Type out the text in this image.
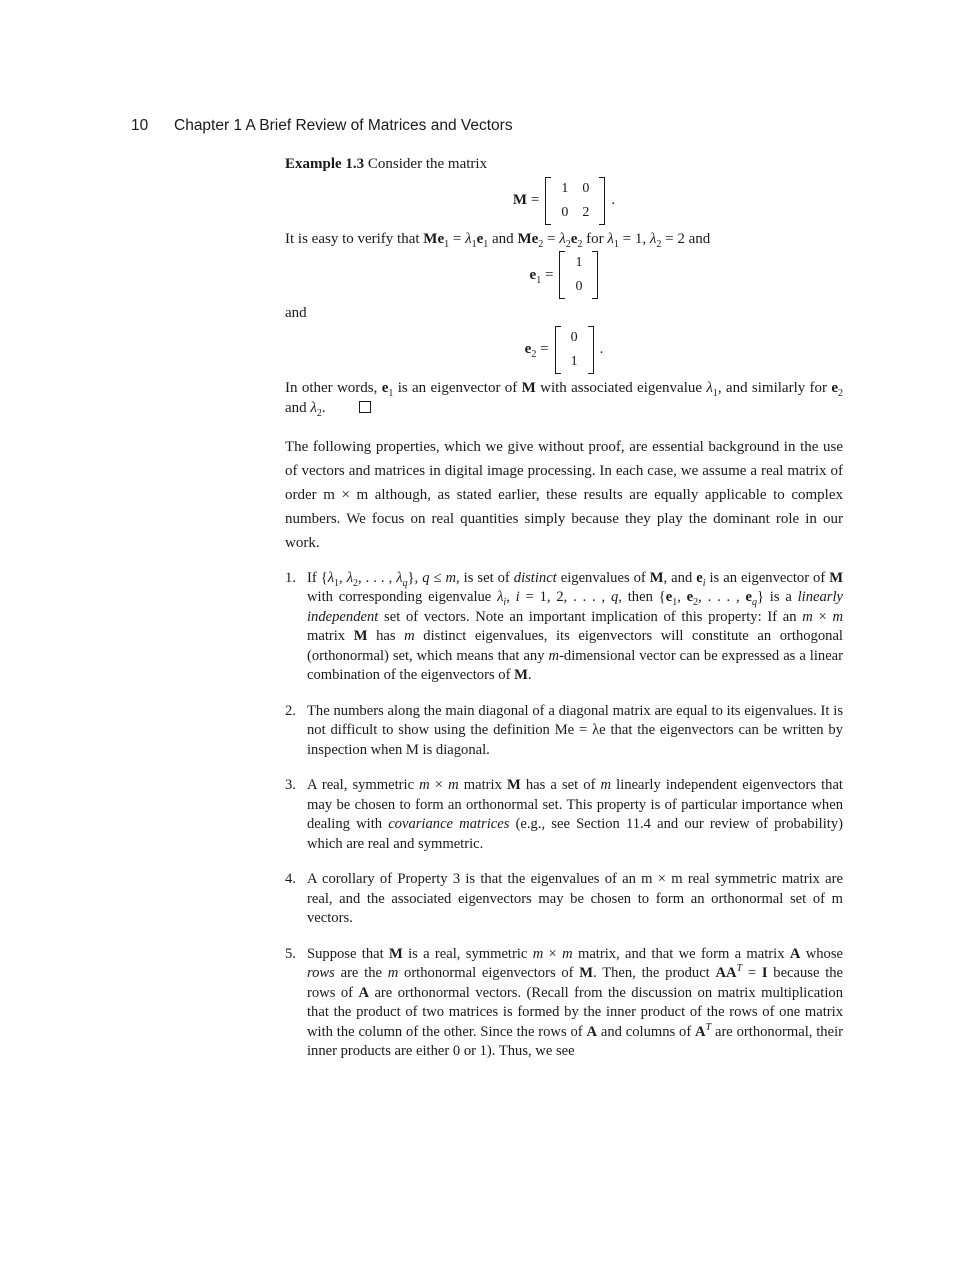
10 Chapter 1 A Brief Review of Matrices and Vectors

Example 1.3 Consider the matrix

M =
1	0
0	2
.

It is easy to verify that $Me_1 = \lambda_1e_1$ and $Me_2 = \lambda_2e_2$ for $\lambda_1 = 1$, $\lambda_2 = 2$ and

$e_1$ =
1
0

and

$e_2$ =
0
1
.

In other words, $e_1$ is an eigenvector of M with associated eigenvalue $\lambda_1$, and similarly for $e_2$ and $\lambda_2$.

The following properties, which we give without proof, are essential background in the use of vectors and matrices in digital image processing. In each case, we assume a real matrix of order m × m although, as stated earlier, these results are equally applicable to complex numbers. We focus on real quantities simply because they play the dominant role in our work.

1. If {$\lambda_1$, $\lambda_2$, . . . , $\lambda_q$}, q ≤ m, is set of distinct eigenvalues of M, and $e_i$ is an eigenvector of M with corresponding eigenvalue $\lambda_i$, i = 1, 2, . . . , q, then {$e_1$, $e_2$, . . . , $e_q$} is a linearly independent set of vectors. Note an important implication of this property: If an m × m matrix M has m distinct eigenvalues, its eigenvectors will constitute an orthogonal (orthonormal) set, which means that any m-dimensional vector can be expressed as a linear combination of the eigenvectors of M.
2. The numbers along the main diagonal of a diagonal matrix are equal to its eigenvalues. It is not difficult to show using the definition Me = λe that the eigenvectors can be written by inspection when M is diagonal.
3. A real, symmetric m × m matrix M has a set of m linearly independent eigenvectors that may be chosen to form an orthonormal set. This property is of particular importance when dealing with covariance matrices (e.g., see Section 11.4 and our review of probability) which are real and symmetric.
4. A corollary of Property 3 is that the eigenvalues of an m × m real symmetric matrix are real, and the associated eigenvectors may be chosen to form an orthonormal set of m vectors.
5. Suppose that M is a real, symmetric m × m matrix, and that we form a matrix A whose rows are the m orthonormal eigenvectors of M. Then, the product $AA^T = I$ because the rows of A are orthonormal vectors. (Recall from the discussion on matrix multiplication that the product of two matrices is formed by the inner product of the rows of one matrix with the column of the other. Since the rows of A and columns of $A^T$ are orthonormal, their inner products are either 0 or 1). Thus, we see
